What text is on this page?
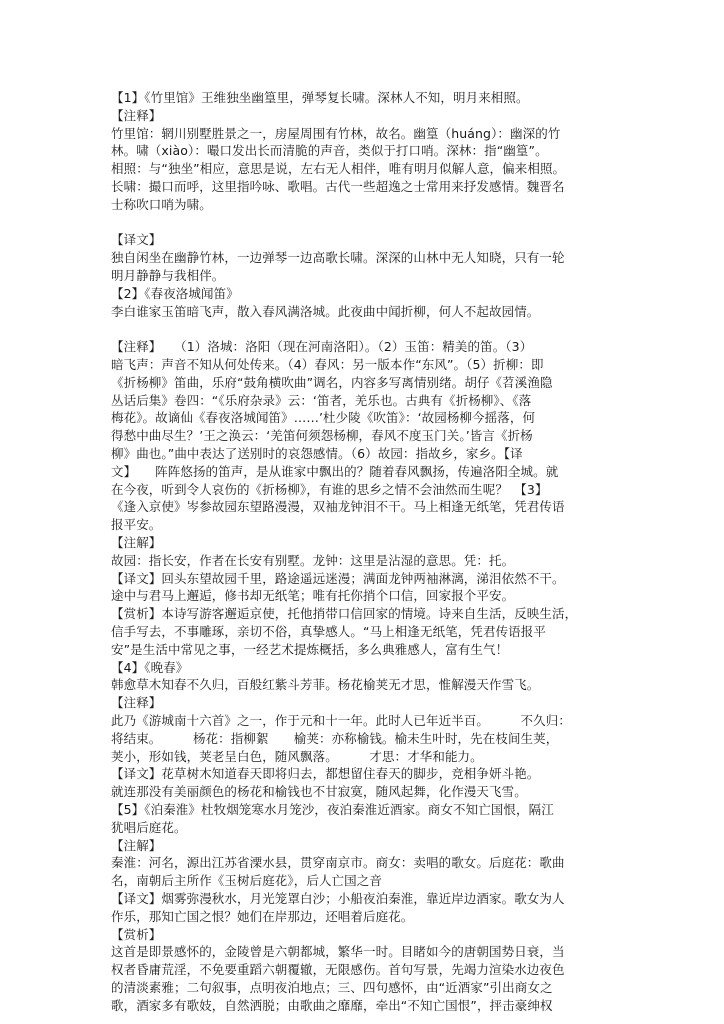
【1】《竹里馆》王维独坐幽篁里，弹琴复长啸。深林人不知，明月来相照。
【注释】
竹里馆：辋川别墅胜景之一，房屋周围有竹林，故名。幽篁（huáng）：幽深的竹
林。啸（xiào）：嘬口发出长而清脆的声音，类似于打口哨。深林：指“幽篁”。
相照：与“独坐”相应，意思是说，左右无人相伴，唯有明月似解人意，偏来相照。
长啸：撮口而呼，这里指吟咏、歌唱。古代一些超逸之士常用来抒发感情。魏晋名
士称吹口哨为啸。
【译文】
独自闲坐在幽静竹林，一边弹琴一边高歌长啸。深深的山林中无人知晓，只有一轮
明月静静与我相伴。
【2】《春夜洛城闻笛》
李白谁家玉笛暗飞声，散入春风满洛城。此夜曲中闻折柳，何人不起故园情。
【注释】　　（1）洛城：洛阳（现在河南洛阳）。（2）玉笛：精美的笛。（3）
暗飞声：声音不知从何处传来。（4）春风：另一版本作“东风”。（5）折柳：即
《折杨柳》笛曲，乐府“鼓角横吹曲”调名，内容多写离情别绪。胡仔《苕溪渔隐
丛话后集》卷四：“《乐府杂录》云：‘笛者，羌乐也。古典有《折杨柳》、《落
梅花》。故谪仙《春夜洛城闻笛》……’杜少陵《吹笛》：‘故园杨柳今摇落，何
得愁中曲尽生？’王之涣云：‘羌笛何须怨杨柳，春风不度玉门关。’皆言《折杨
柳》曲也。”曲中表达了送别时的哀怨感情。（6）故园：指故乡，家乡。【译
文】　　阵阵悠扬的笛声，是从谁家中飘出的？随着春风飘扬，传遍洛阳全城。就
在今夜，听到令人哀伤的《折杨柳》，有谁的思乡之情不会油然而生呢？　【3】
《逢入京使》岑参故园东望路漫漫，双袖龙钟泪不干。马上相逢无纸笔，凭君传语
报平安。
【注解】
故园：指长安，作者在长安有别墅。龙钟：这里是沾湿的意思。凭：托。
【译文】回头东望故园千里，路途遥远迷漫；满面龙钟两袖淋漓，涕泪依然不干。
途中与君马上邂逅，修书却无纸笔；唯有托你捎个口信，回家报个平安。
【赏析】本诗写游客邂逅京使，托他捎带口信回家的情境。诗来自生活，反映生活，
信手写去，不事雕琢，亲切不俗，真挚感人。“马上相逢无纸笔，凭君传语报平
安”是生活中常见之事，一经艺术提炼概括，多么典雅感人，富有生气！
【4】《晚春》
韩愈草木知春不久归，百般红紫斗芳菲。杨花榆荚无才思，惟解漫天作雪飞。
【注释】
此乃《游城南十六首》之一，作于元和十一年。此时人已年近半百。　　　不久归：
将结束。　　　杨花：指柳絮　　榆荚：亦称榆钱。榆未生叶时，先在枝间生荚，
荚小，形如钱，荚老呈白色，随风飘落。　　　才思：才华和能力。
【译文】花草树木知道春天即将归去，都想留住春天的脚步，竞相争妍斗艳。
就连那没有美丽颜色的杨花和榆钱也不甘寂寞，随风起舞，化作漫天飞雪。
【5】《泊秦淮》杜牧烟笼寒水月笼沙，夜泊秦淮近酒家。商女不知亡国恨，隔江
犹唱后庭花。
【注解】
秦淮：河名，源出江苏省溧水县，贯穿南京市。商女：卖唱的歌女。后庭花：歌曲
名，南朝后主所作《玉树后庭花》，后人亡国之音
【译文】烟雾弥漫秋水，月光笼罩白沙；小船夜泊秦淮，靠近岸边酒家。歌女为人
作乐，那知亡国之恨？她们在岸那边，还唱着后庭花。
【赏析】
这首是即景感怀的，金陵曾是六朝都城，繁华一时。目睹如今的唐朝国势日衰，当
权者昏庸荒淫，不免要重蹈六朝覆辙，无限感伤。首句写景，先竭力渲染水边夜色
的清淡素雅；二句叙事，点明夜泊地点；三、四句感怀，由“近酒家”引出商女之
歌，酒家多有歌妓，自然洒脱；由歌曲之靡靡，牵出“不知亡国恨”，抨击豪绅权
